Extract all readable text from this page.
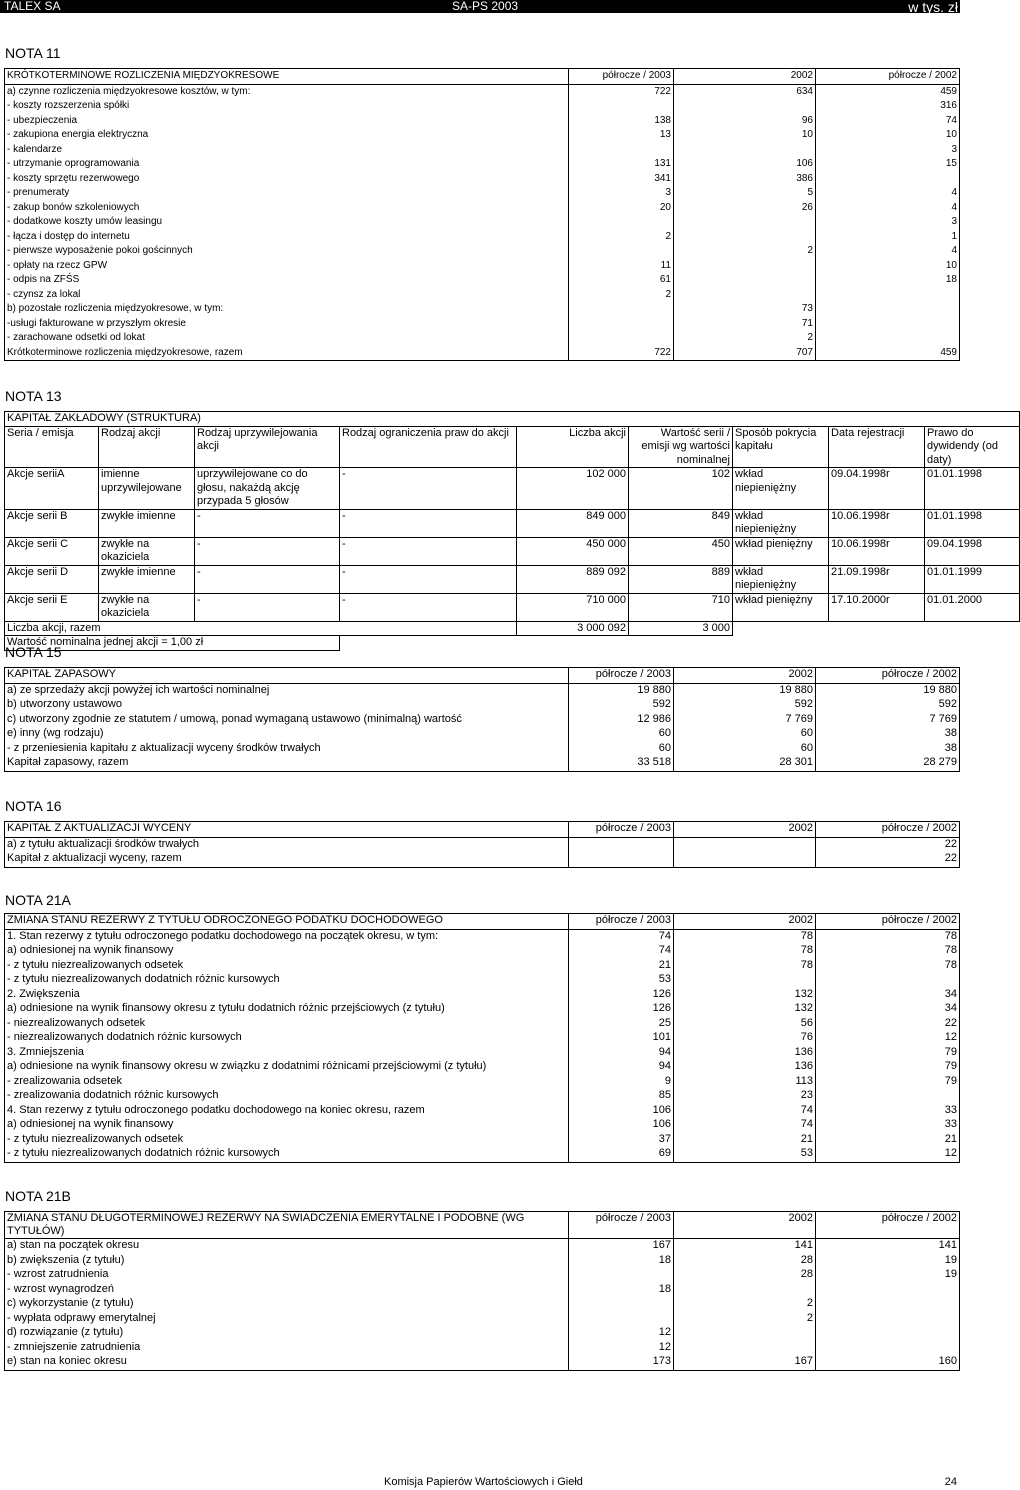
TALEX SA	SA-PS 2003	w tys. zł
NOTA 11
KRÓTKOTERMINOWE ROZLICZENIA MIĘDZYOKRESOWE	półrocze / 2003	2002	półrocze / 2002
a) czynne rozliczenia międzyokresowe kosztów, w tym:	722	634	459
- koszty rozszerzenia spółki			316
- ubezpieczenia	138	96	74
- zakupiona energia elektryczna	13	10	10
- kalendarze			3
- utrzymanie oprogramowania	131	106	15
- koszty sprzętu rezerwowego	341	386	
- prenumeraty	3	5	4
- zakup bonów szkoleniowych	20	26	4
- dodatkowe koszty umów leasingu			3
- łącza i dostęp do internetu	2		1
- pierwsze wyposażenie pokoi gościnnych		2	4
- opłaty na rzecz GPW	11		10
- odpis na ZFŚS	61		18
- czynsz za lokal	2		
b) pozostałe rozliczenia międzyokresowe, w tym:		73	
-usługi fakturowane w przyszłym okresie		71	
- zarachowane odsetki od lokat		2	
Krótkoterminowe rozliczenia międzyokresowe, razem	722	707	459
NOTA 13
KAPITAŁ ZAKŁADOWY (STRUKTURA)								
Seria / emisja	Rodzaj akcji	Rodzaj uprzywilejowania akcji	Rodzaj ograniczenia praw do akcji	Liczba akcji	Wartość serii / emisji wg wartości nominalnej	Sposób pokrycia kapitału	Data rejestracji	Prawo do dywidendy (od daty)
Akcje seriiA	imienne uprzywilejowane	uprzywilejowane co do głosu, nakażdą akcję przypada 5 głosów	-	102 000	102	wkład niepieniężny	09.04.1998r	01.01.1998
Akcje serii B	zwykłe imienne	-	-	849 000	849	wkład niepieniężny	10.06.1998r	01.01.1998
Akcje serii C	zwykłe na okaziciela	-	-	450 000	450	wkład pieniężny	10.06.1998r	09.04.1998
Akcje serii D	zwykłe imienne	-	-	889 092	889	wkład niepieniężny	21.09.1998r	01.01.1999
Akcje serii E	zwykłe na okaziciela	-	-	710 000	710	wkład pieniężny	17.10.2000r	01.01.2000
Liczba akcji, razem				3 000 092	3 000			
Wartość nominalna jednej akcji = 1,00 zł								
NOTA 15
KAPITAŁ ZAPASOWY	półrocze / 2003	2002	półrocze / 2002
a) ze sprzedaży akcji powyżej ich wartości nominalnej	19 880	19 880	19 880
b) utworzony ustawowo	592	592	592
c) utworzony zgodnie ze statutem / umową, ponad wymaganą ustawowo (minimalną) wartość	12 986	7 769	7 769
e) inny (wg rodzaju)	60	60	38
- z przeniesienia kapitału z aktualizacji wyceny środków trwałych	60	60	38
Kapitał zapasowy, razem	33 518	28 301	28 279
NOTA 16
KAPITAŁ Z AKTUALIZACJI WYCENY	półrocze / 2003	2002	półrocze / 2002
a) z tytułu aktualizacji środków trwałych			22
Kapitał z aktualizacji wyceny, razem			22
NOTA 21A
ZMIANA STANU REZERWY Z TYTUŁU ODROCZONEGO PODATKU DOCHODOWEGO	półrocze / 2003	2002	półrocze / 2002
1. Stan rezerwy z tytułu odroczonego podatku dochodowego na początek okresu, w tym:	74	78	78
a) odniesionej na wynik finansowy	74	78	78
- z tytułu niezrealizowanych odsetek	21	78	78
- z tytułu niezrealizowanych dodatnich różnic kursowych	53		
2. Zwiększenia	126	132	34
a) odniesione na wynik finansowy okresu z tytułu dodatnich różnic przejściowych (z tytułu)	126	132	34
- niezrealizowanych odsetek	25	56	22
- niezrealizowanych dodatnich różnic kursowych	101	76	12
3. Zmniejszenia	94	136	79
a) odniesione na wynik finansowy okresu w związku z dodatnimi różnicami przejściowymi (z tytułu)	94	136	79
- zrealizowania odsetek	9	113	79
- zrealizowania dodatnich różnic kursowych	85	23	
4. Stan rezerwy z tytułu odroczonego podatku dochodowego na koniec okresu, razem	106	74	33
a) odniesionej na wynik finansowy	106	74	33
- z tytułu niezrealizowanych odsetek	37	21	21
- z tytułu niezrealizowanych dodatnich różnic kursowych	69	53	12
NOTA 21B
ZMIANA STANU DŁUGOTERMINOWEJ REZERWY NA ŚWIADCZENIA EMERYTALNE I PODOBNE (WG TYTUŁÓW)	półrocze / 2003	2002	półrocze / 2002
a) stan na początek okresu	167	141	141
b) zwiększenia (z tytułu)	18	28	19
- wzrost zatrudnienia		28	19
- wzrost wynagrodzeń	18		
c) wykorzystanie (z tytułu)		2	
- wypłata odprawy emerytalnej		2	
d) rozwiązanie (z tytułu)	12		
- zmniejszenie zatrudnienia	12		
e) stan na koniec okresu	173	167	160
Komisja Papierów Wartościowych i Giełd	24
